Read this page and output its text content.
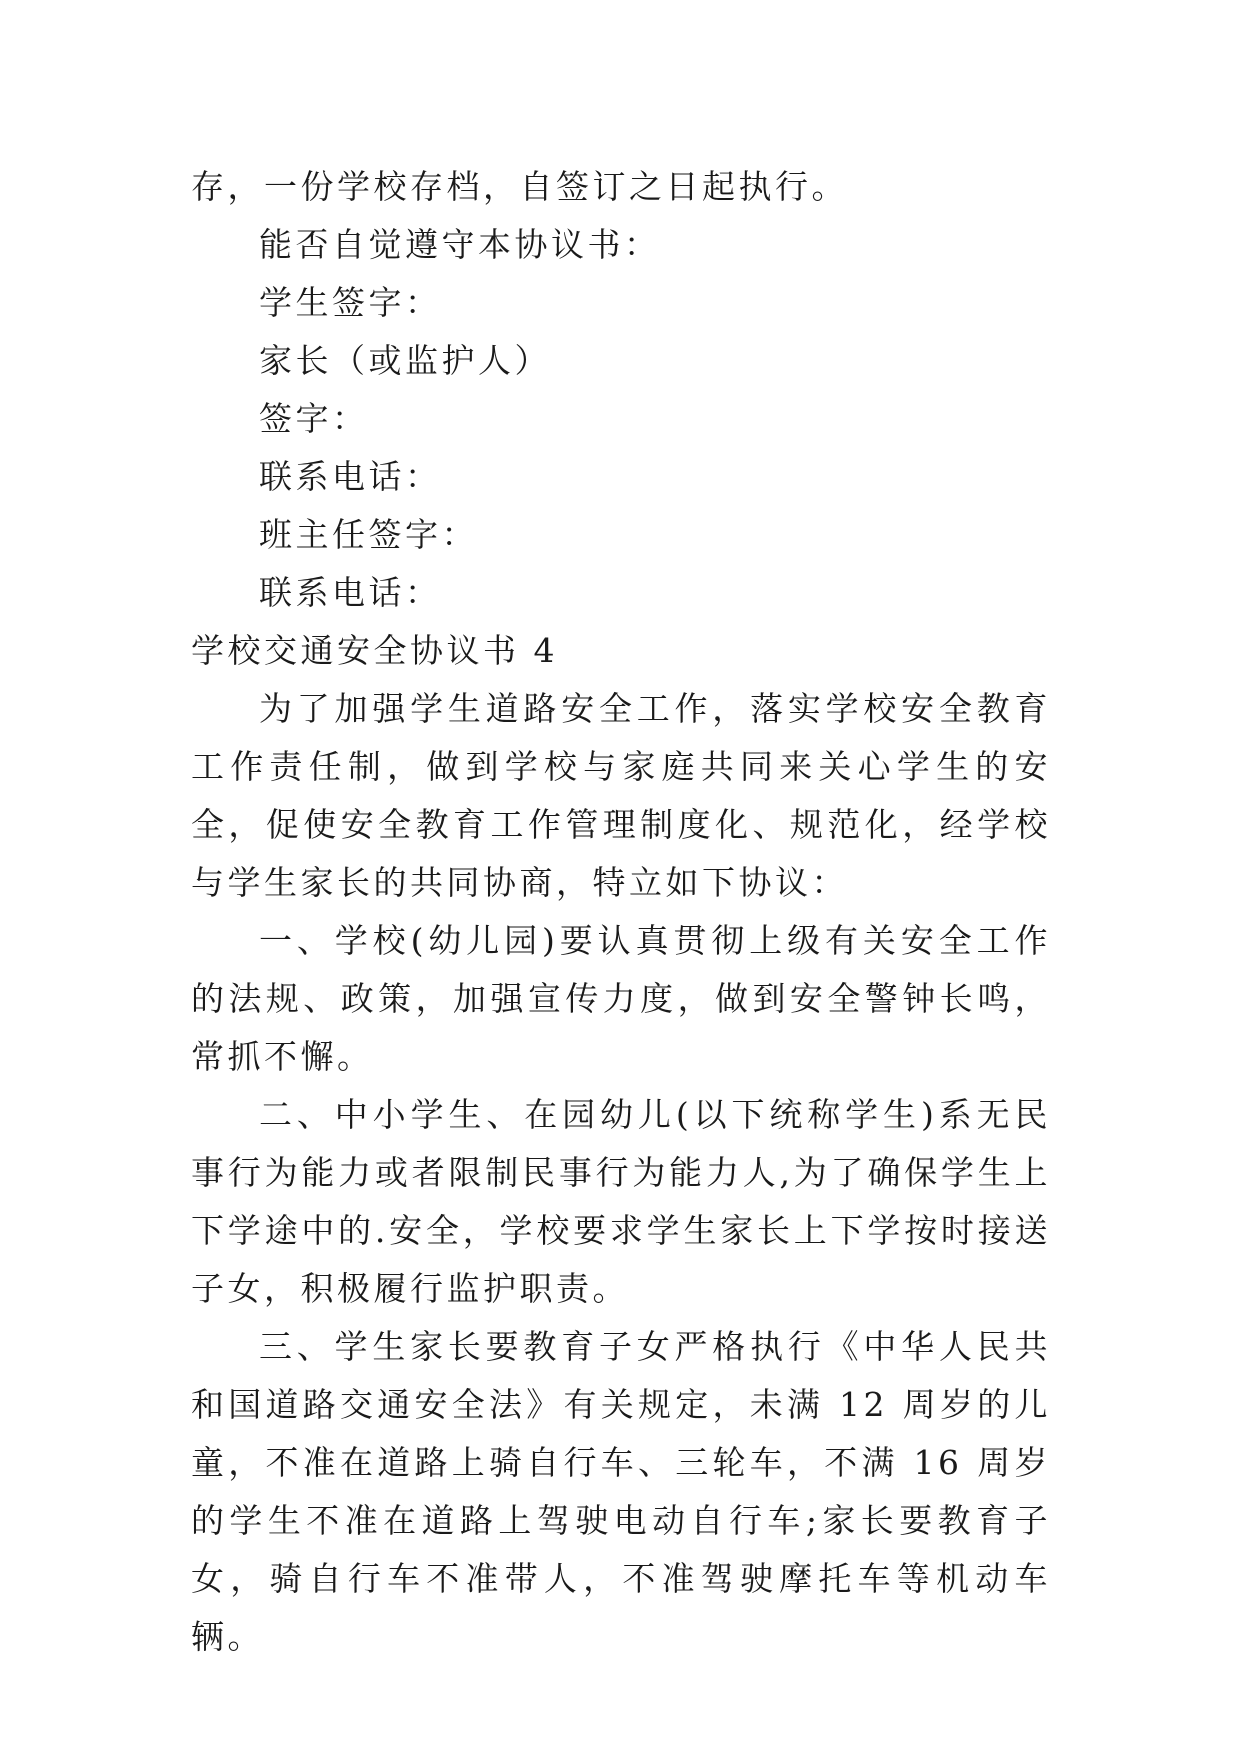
存，一份学校存档，自签订之日起执行。
能否自觉遵守本协议书：
学生签字：
家长（或监护人）
签字：
联系电话：
班主任签字：
联系电话：
学校交通安全协议书 4
为了加强学生道路安全工作，落实学校安全教育工作责任制，做到学校与家庭共同来关心学生的安全，促使安全教育工作管理制度化、规范化，经学校与学生家长的共同协商，特立如下协议：
一、学校(幼儿园)要认真贯彻上级有关安全工作的法规、政策，加强宣传力度，做到安全警钟长鸣，常抓不懈。
二、中小学生、在园幼儿(以下统称学生)系无民事行为能力或者限制民事行为能力人,为了确保学生上下学途中的.安全，学校要求学生家长上下学按时接送子女，积极履行监护职责。
三、学生家长要教育子女严格执行《中华人民共和国道路交通安全法》有关规定，未满 12 周岁的儿童，不准在道路上骑自行车、三轮车，不满 16 周岁的学生不准在道路上驾驶电动自行车;家长要教育子女，骑自行车不准带人，不准驾驶摩托车等机动车辆。
